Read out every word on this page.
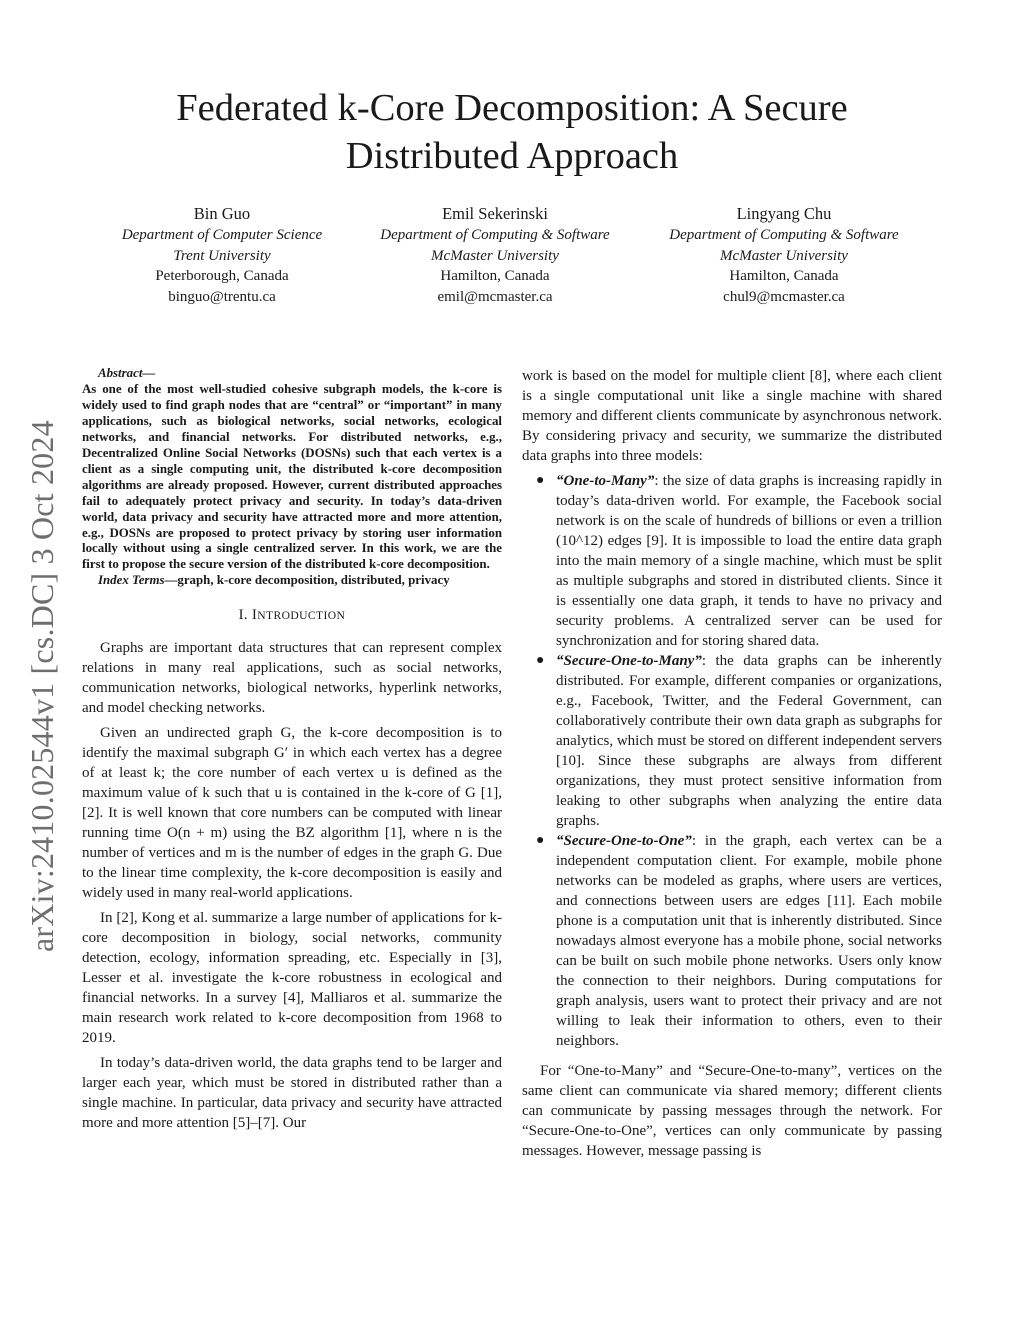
arXiv:2410.02544v1 [cs.DC] 3 Oct 2024
Federated k-Core Decomposition: A Secure
Distributed Approach
Bin Guo
Department of Computer Science
Trent University
Peterborough, Canada
binguo@trentu.ca
Emil Sekerinski
Department of Computing & Software
McMaster University
Hamilton, Canada
emil@mcmaster.ca
Lingyang Chu
Department of Computing & Software
McMaster University
Hamilton, Canada
chul9@mcmaster.ca

Abstract—
As one of the most well-studied cohesive subgraph models, the k-core is widely used to find graph nodes that are “central” or “important” in many applications, such as biological networks, social networks, ecological networks, and financial networks. For distributed networks, e.g., Decentralized Online Social Networks (DOSNs) such that each vertex is a client as a single computing unit, the distributed k-core decomposition algorithms are already proposed. However, current distributed approaches fail to adequately protect privacy and security. In today’s data-driven world, data privacy and security have attracted more and more attention, e.g., DOSNs are proposed to protect privacy by storing user information locally without using a single centralized server. In this work, we are the first to propose the secure version of the distributed k-core decomposition.

Index Terms—graph, k-core decomposition, distributed, privacy

I. INTRODUCTION

Graphs are important data structures that can represent complex relations in many real applications, such as social networks, communication networks, biological networks, hyperlink networks, and model checking networks.

Given an undirected graph G, the k-core decomposition is to identify the maximal subgraph G′ in which each vertex has a degree of at least k; the core number of each vertex u is defined as the maximum value of k such that u is contained in the k-core of G [1], [2]. It is well known that core numbers can be computed with linear running time O(n + m) using the BZ algorithm [1], where n is the number of vertices and m is the number of edges in the graph G. Due to the linear time complexity, the k-core decomposition is easily and widely used in many real-world applications.

In [2], Kong et al. summarize a large number of applications for k-core decomposition in biology, social networks, community detection, ecology, information spreading, etc. Especially in [3], Lesser et al. investigate the k-core robustness in ecological and financial networks. In a survey [4], Malliaros et al. summarize the main research work related to k-core decomposition from 1968 to 2019.

In today’s data-driven world, the data graphs tend to be larger and larger each year, which must be stored in distributed rather than a single machine. In particular, data privacy and security have attracted more and more attention [5]–[7]. Our

work is based on the model for multiple client [8], where each client is a single computational unit like a single machine with shared memory and different clients communicate by asynchronous network. By considering privacy and security, we summarize the distributed data graphs into three models:

● “One-to-Many”: the size of data graphs is increasing rapidly in today’s data-driven world. For example, the Facebook social network is on the scale of hundreds of billions or even a trillion (10^12) edges [9]. It is impossible to load the entire data graph into the main memory of a single machine, which must be split as multiple subgraphs and stored in distributed clients. Since it is essentially one data graph, it tends to have no privacy and security problems. A centralized server can be used for synchronization and for storing shared data.
● “Secure-One-to-Many”: the data graphs can be inherently distributed. For example, different companies or organizations, e.g., Facebook, Twitter, and the Federal Government, can collaboratively contribute their own data graph as subgraphs for analytics, which must be stored on different independent servers [10]. Since these subgraphs are always from different organizations, they must protect sensitive information from leaking to other subgraphs when analyzing the entire data graphs.
● “Secure-One-to-One”: in the graph, each vertex can be a independent computation client. For example, mobile phone networks can be modeled as graphs, where users are vertices, and connections between users are edges [11]. Each mobile phone is a computation unit that is inherently distributed. Since nowadays almost everyone has a mobile phone, social networks can be built on such mobile phone networks. Users only know the connection to their neighbors. During computations for graph analysis, users want to protect their privacy and are not willing to leak their information to others, even to their neighbors.

For “One-to-Many” and “Secure-One-to-many”, vertices on the same client can communicate via shared memory; different clients can communicate by passing messages through the network. For “Secure-One-to-One”, vertices can only communicate by passing messages. However, message passing is
